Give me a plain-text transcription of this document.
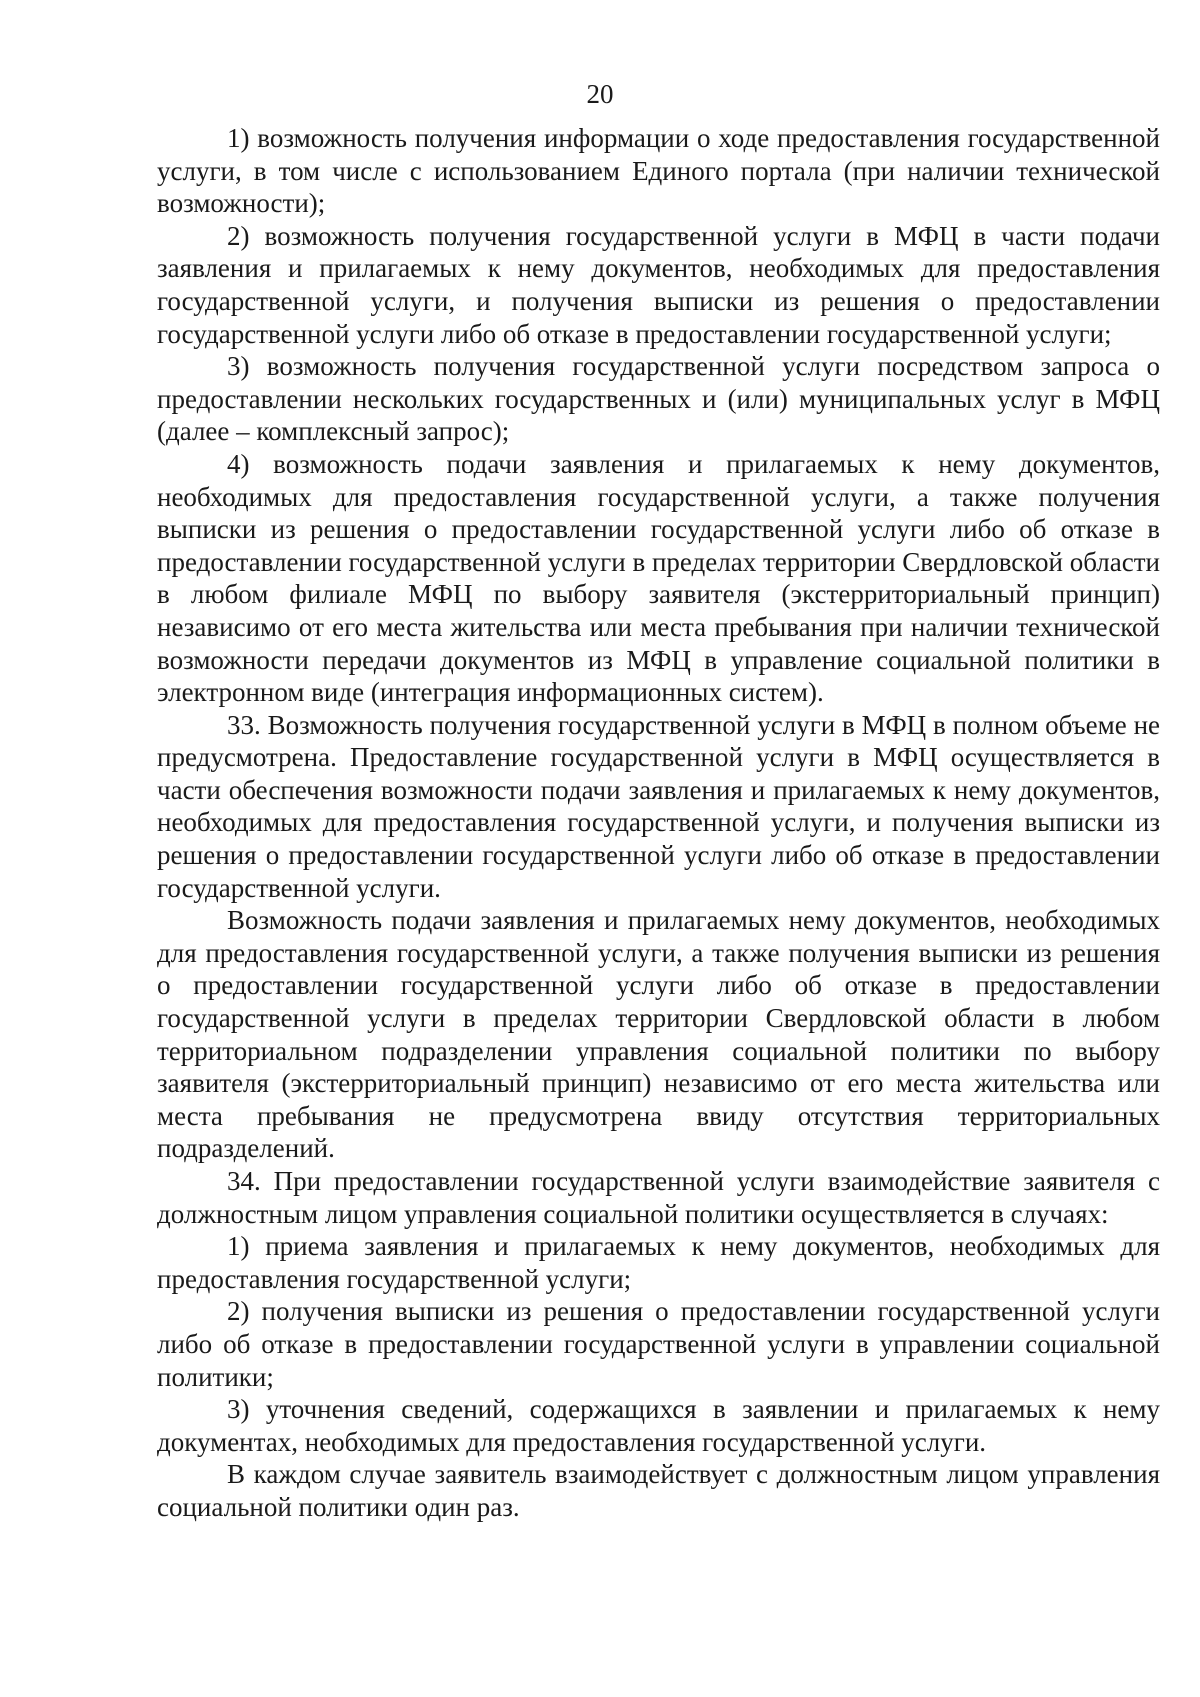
20

1) возможность получения информации о ходе предоставления государственной услуги, в том числе с использованием Единого портала (при наличии технической возможности);

2) возможность получения государственной услуги в МФЦ в части подачи заявления и прилагаемых к нему документов, необходимых для предоставления государственной услуги, и получения выписки из решения о предоставлении государственной услуги либо об отказе в предоставлении государственной услуги;

3) возможность получения государственной услуги посредством запроса о предоставлении нескольких государственных и (или) муниципальных услуг в МФЦ (далее – комплексный запрос);

4) возможность подачи заявления и прилагаемых к нему документов, необходимых для предоставления государственной услуги, а также получения выписки из решения о предоставлении государственной услуги либо об отказе в предоставлении государственной услуги в пределах территории Свердловской области в любом филиале МФЦ по выбору заявителя (экстерриториальный принцип) независимо от его места жительства или места пребывания при наличии технической возможности передачи документов из МФЦ в управление социальной политики в электронном виде (интеграция информационных систем).

33. Возможность получения государственной услуги в МФЦ в полном объеме не предусмотрена. Предоставление государственной услуги в МФЦ осуществляется в части обеспечения возможности подачи заявления и прилагаемых к нему документов, необходимых для предоставления государственной услуги, и получения выписки из решения о предоставлении государственной услуги либо об отказе в предоставлении государственной услуги.

Возможность подачи заявления и прилагаемых нему документов, необходимых для предоставления государственной услуги, а также получения выписки из решения о предоставлении государственной услуги либо об отказе в предоставлении государственной услуги в пределах территории Свердловской области в любом территориальном подразделении управления социальной политики по выбору заявителя (экстерриториальный принцип) независимо от его места жительства или места пребывания не предусмотрена ввиду отсутствия территориальных подразделений.

34. При предоставлении государственной услуги взаимодействие заявителя с должностным лицом управления социальной политики осуществляется в случаях:

1) приема заявления и прилагаемых к нему документов, необходимых для предоставления государственной услуги;

2) получения выписки из решения о предоставлении государственной услуги либо об отказе в предоставлении государственной услуги в управлении социальной политики;

3) уточнения сведений, содержащихся в заявлении и прилагаемых к нему документах, необходимых для предоставления государственной услуги.

В каждом случае заявитель взаимодействует с должностным лицом управления социальной политики один раз.
